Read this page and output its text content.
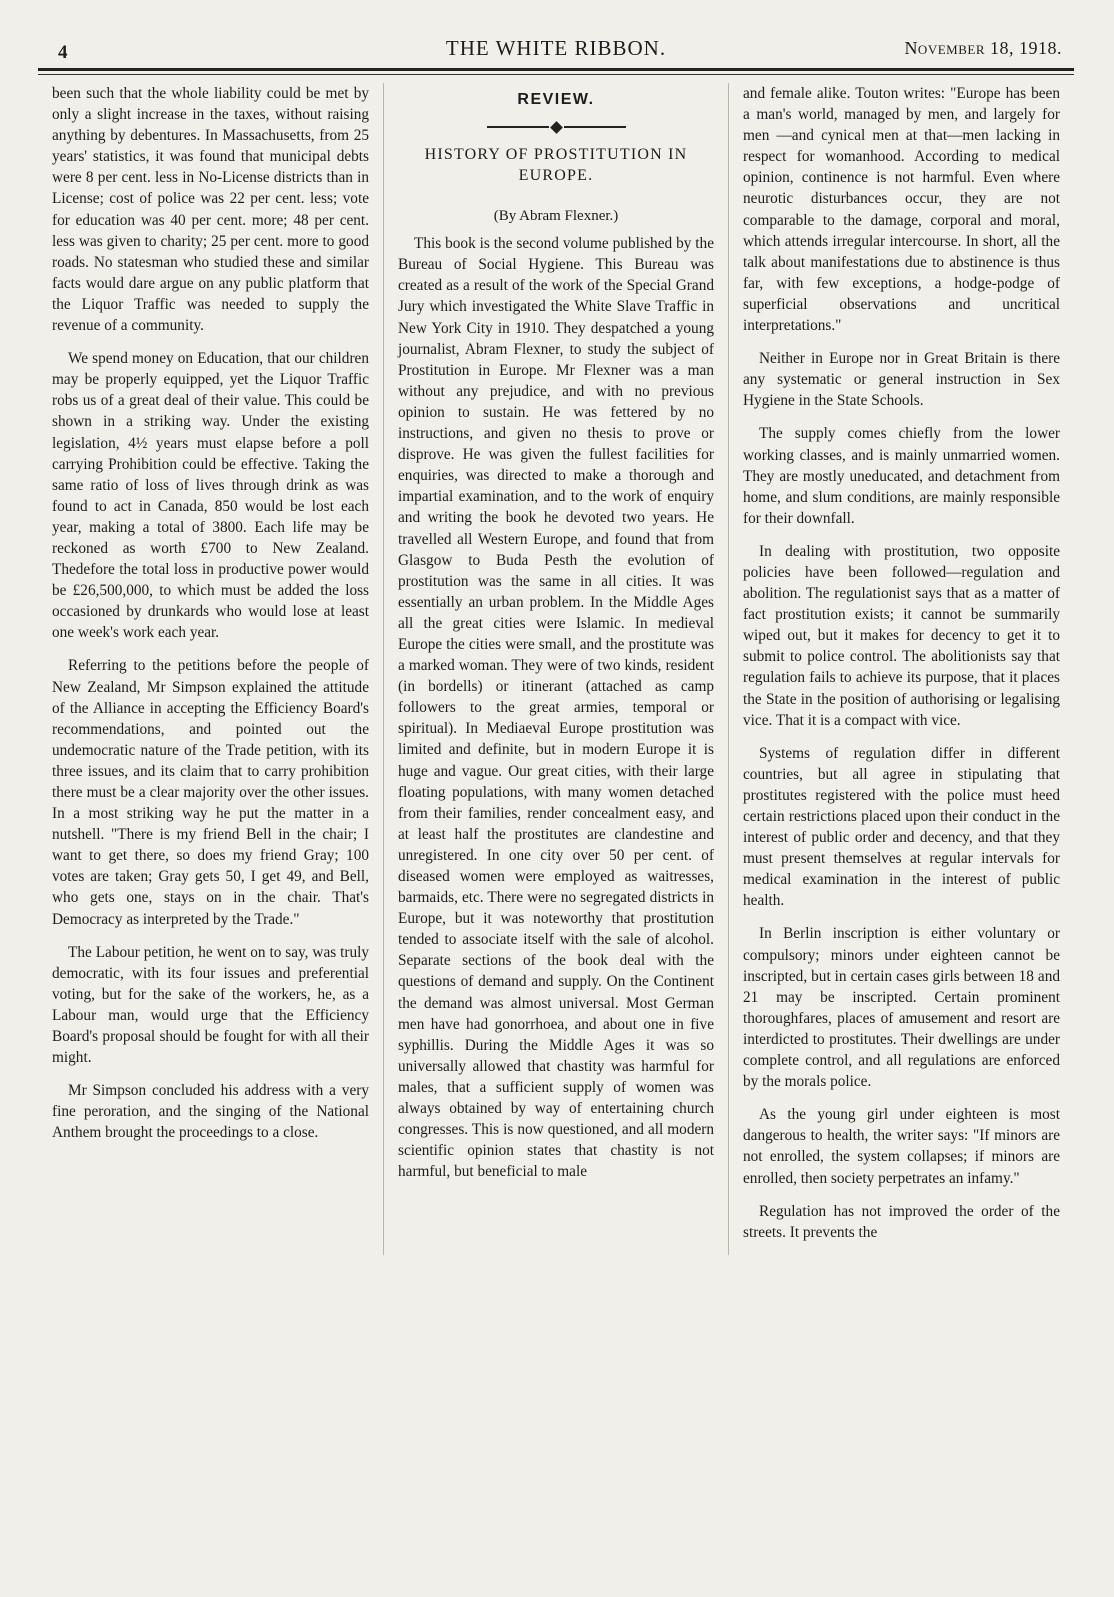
4	THE WHITE RIBBON.	November 18, 1918.

been such that the whole liability could be met by only a slight increase in the taxes, without raising anything by debentures. In Massachusetts, from 25 years' statistics, it was found that municipal debts were 8 per cent. less in No-License districts than in License; cost of police was 22 per cent. less; vote for education was 40 per cent. more; 48 per cent. less was given to charity; 25 per cent. more to good roads. No statesman who studied these and similar facts would dare argue on any public platform that the Liquor Traffic was needed to supply the revenue of a community.

We spend money on Education, that our children may be properly equipped, yet the Liquor Traffic robs us of a great deal of their value. This could be shown in a striking way. Under the existing legislation, 4½ years must elapse before a poll carrying Prohibition could be effective. Taking the same ratio of loss of lives through drink as was found to act in Canada, 850 would be lost each year, making a total of 3800. Each life may be reckoned as worth £700 to New Zealand. Thedefore the total loss in productive power would be £26,500,000, to which must be added the loss occasioned by drunkards who would lose at least one week's work each year.

Referring to the petitions before the people of New Zealand, Mr Simpson explained the attitude of the Alliance in accepting the Efficiency Board's recommendations, and pointed out the undemocratic nature of the Trade petition, with its three issues, and its claim that to carry prohibition there must be a clear majority over the other issues. In a most striking way he put the matter in a nutshell. "There is my friend Bell in the chair; I want to get there, so does my friend Gray; 100 votes are taken; Gray gets 50, I get 49, and Bell, who gets one, stays on in the chair. That's Democracy as interpreted by the Trade."

The Labour petition, he went on to say, was truly democratic, with its four issues and preferential voting, but for the sake of the workers, he, as a Labour man, would urge that the Efficiency Board's proposal should be fought for with all their might.

Mr Simpson concluded his address with a very fine peroration, and the singing of the National Anthem brought the proceedings to a close.

REVIEW.
HISTORY OF PROSTITUTION IN EUROPE.
(By Abram Flexner.)

This book is the second volume published by the Bureau of Social Hygiene. This Bureau was created as a result of the work of the Special Grand Jury which investigated the White Slave Traffic in New York City in 1910. They despatched a young journalist, Abram Flexner, to study the subject of Prostitution in Europe. Mr Flexner was a man without any prejudice, and with no previous opinion to sustain. He was fettered by no instructions, and given no thesis to prove or disprove. He was given the fullest facilities for enquiries, was directed to make a thorough and impartial examination, and to the work of enquiry and writing the book he devoted two years. He travelled all Western Europe, and found that from Glasgow to Buda Pesth the evolution of prostitution was the same in all cities. It was essentially an urban problem. In the Middle Ages all the great cities were Islamic. In medieval Europe the cities were small, and the prostitute was a marked woman. They were of two kinds, resident (in bordells) or itinerant (attached as camp followers to the great armies, temporal or spiritual). In Mediaeval Europe prostitution was limited and definite, but in modern Europe it is huge and vague. Our great cities, with their large floating populations, with many women detached from their families, render concealment easy, and at least half the prostitutes are clandestine and unregistered. In one city over 50 per cent. of diseased women were employed as waitresses, barmaids, etc. There were no segregated districts in Europe, but it was noteworthy that prostitution tended to associate itself with the sale of alcohol. Separate sections of the book deal with the questions of demand and supply. On the Continent the demand was almost universal. Most German men have had gonorrhoea, and about one in five syphillis. During the Middle Ages it was so universally allowed that chastity was harmful for males, that a sufficient supply of women was always obtained by way of entertaining church congresses. This is now questioned, and all modern scientific opinion states that chastity is not harmful, but beneficial to male

and female alike. Touton writes: "Europe has been a man's world, managed by men, and largely for men —and cynical men at that—men lacking in respect for womanhood. According to medical opinion, continence is not harmful. Even where neurotic disturbances occur, they are not comparable to the damage, corporal and moral, which attends irregular intercourse. In short, all the talk about manifestations due to abstinence is thus far, with few exceptions, a hodge-podge of superficial observations and uncritical interpretations."

Neither in Europe nor in Great Britain is there any systematic or general instruction in Sex Hygiene in the State Schools.

The supply comes chiefly from the lower working classes, and is mainly unmarried women. They are mostly uneducated, and detachment from home, and slum conditions, are mainly responsible for their downfall.

In dealing with prostitution, two opposite policies have been followed—regulation and abolition. The regulationist says that as a matter of fact prostitution exists; it cannot be summarily wiped out, but it makes for decency to get it to submit to police control. The abolitionists say that regulation fails to achieve its purpose, that it places the State in the position of authorising or legalising vice. That it is a compact with vice.

Systems of regulation differ in different countries, but all agree in stipulating that prostitutes registered with the police must heed certain restrictions placed upon their conduct in the interest of public order and decency, and that they must present themselves at regular intervals for medical examination in the interest of public health.

In Berlin inscription is either voluntary or compulsory; minors under eighteen cannot be inscripted, but in certain cases girls between 18 and 21 may be inscripted. Certain prominent thoroughfares, places of amusement and resort are interdicted to prostitutes. Their dwellings are under complete control, and all regulations are enforced by the morals police.

As the young girl under eighteen is most dangerous to health, the writer says: "If minors are not enrolled, the system collapses; if minors are enrolled, then society perpetrates an infamy."

Regulation has not improved the order of the streets. It prevents the
